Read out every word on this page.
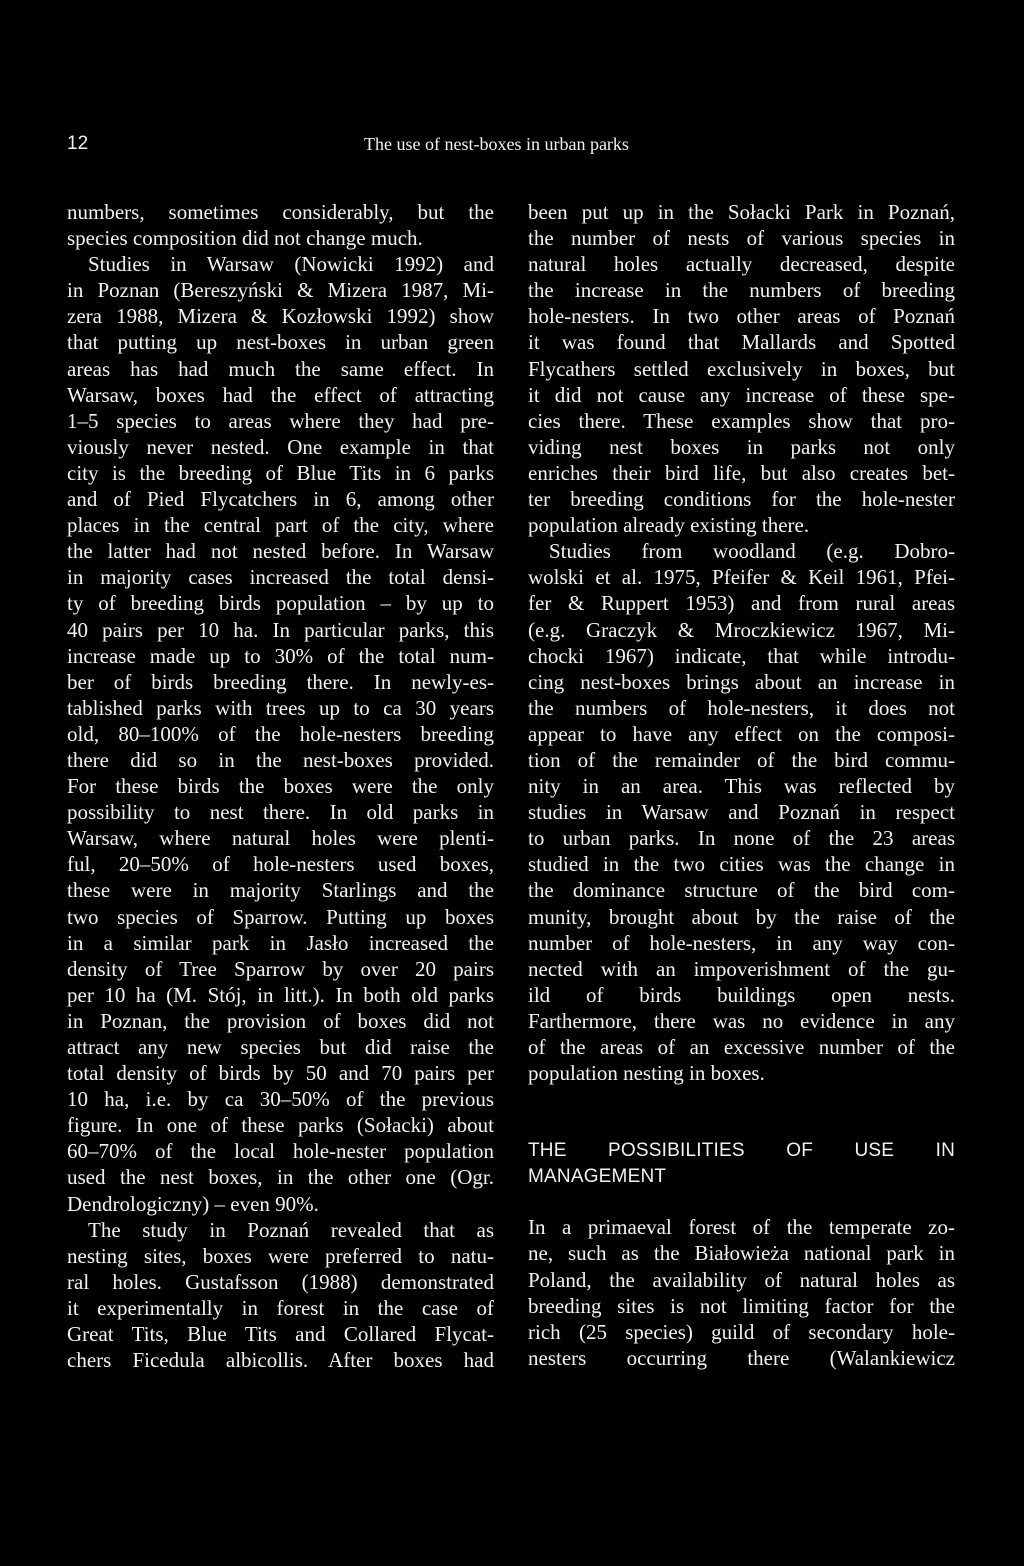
12	The use of nest-boxes in urban parks
numbers, sometimes considerably, but the
species composition did not change much.
Studies in Warsaw (Nowicki 1992) and
in Poznan (Bereszyński & Mizera 1987, Mi-
zera 1988, Mizera & Kozłowski 1992) show
that putting up nest-boxes in urban green
areas has had much the same effect. In
Warsaw, boxes had the effect of attracting
1–5 species to areas where they had pre-
viously never nested. One example in that
city is the breeding of Blue Tits in 6 parks
and of Pied Flycatchers in 6, among other
places in the central part of the city, where
the latter had not nested before. In Warsaw
in majority cases increased the total densi-
ty of breeding birds population – by up to
40 pairs per 10 ha. In particular parks, this
increase made up to 30% of the total num-
ber of birds breeding there. In newly-es-
tablished parks with trees up to ca 30 years
old, 80–100% of the hole-nesters breeding
there did so in the nest-boxes provided.
For these birds the boxes were the only
possibility to nest there. In old parks in
Warsaw, where natural holes were plenti-
ful, 20–50% of hole-nesters used boxes,
these were in majority Starlings and the
two species of Sparrow. Putting up boxes
in a similar park in Jasło increased the
density of Tree Sparrow by over 20 pairs
per 10 ha (M. Stój, in litt.). In both old parks
in Poznan, the provision of boxes did not
attract any new species but did raise the
total density of birds by 50 and 70 pairs per
10 ha, i.e. by ca 30–50% of the previous
figure. In one of these parks (Sołacki) about
60–70% of the local hole-nester population
used the nest boxes, in the other one (Ogr.
Dendrologiczny) – even 90%.
The study in Poznań revealed that as
nesting sites, boxes were preferred to natu-
ral holes. Gustafsson (1988) demonstrated
it experimentally in forest in the case of
Great Tits, Blue Tits and Collared Flycat-
chers Ficedula albicollis. After boxes had
been put up in the Sołacki Park in Poznań,
the number of nests of various species in
natural holes actually decreased, despite
the increase in the numbers of breeding
hole-nesters. In two other areas of Poznań
it was found that Mallards and Spotted
Flycathers settled exclusively in boxes, but
it did not cause any increase of these spe-
cies there. These examples show that pro-
viding nest boxes in parks not only
enriches their bird life, but also creates bet-
ter breeding conditions for the hole-nester
population already existing there.
Studies from woodland (e.g. Dobro-
wolski et al. 1975, Pfeifer & Keil 1961, Pfei-
fer & Ruppert 1953) and from rural areas
(e.g. Graczyk & Mroczkiewicz 1967, Mi-
chocki 1967) indicate, that while introdu-
cing nest-boxes brings about an increase in
the numbers of hole-nesters, it does not
appear to have any effect on the composi-
tion of the remainder of the bird commu-
nity in an area. This was reflected by
studies in Warsaw and Poznań in respect
to urban parks. In none of the 23 areas
studied in the two cities was the change in
the dominance structure of the bird com-
munity, brought about by the raise of the
number of hole-nesters, in any way con-
nected with an impoverishment of the gu-
ild of birds buildings open nests.
Farthermore, there was no evidence in any
of the areas of an excessive number of the
population nesting in boxes.
THE POSSIBILITIES OF USE IN
MANAGEMENT
In a primaeval forest of the temperate zo-
ne, such as the Białowieża national park in
Poland, the availability of natural holes as
breeding sites is not limiting factor for the
rich (25 species) guild of secondary hole-
nesters occurring there (Walankiewicz
